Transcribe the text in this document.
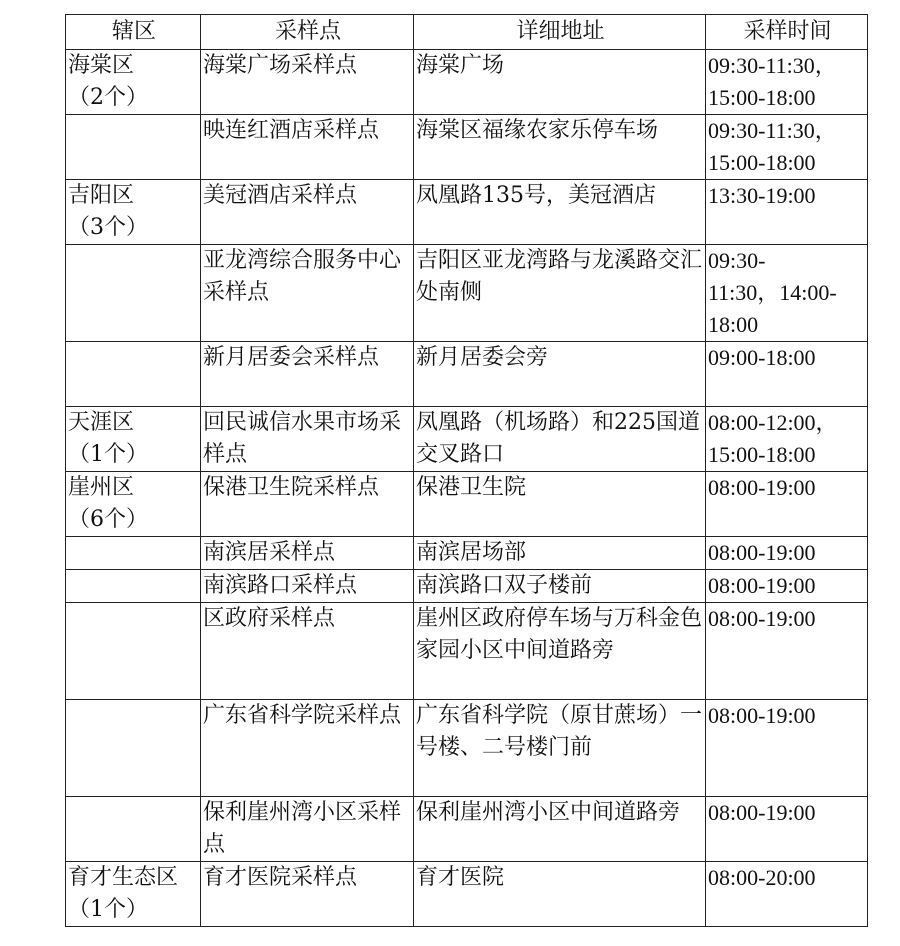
辖区	采样点	详细地址	采样时间
海棠区
（2个）	海棠广场采样点	海棠广场	09:30-11:30，
15:00-18:00
	映连红酒店采样点	海棠区福缘农家乐停车场	09:30-11:30，
15:00-18:00
吉阳区
（3个）	美冠酒店采样点	凤凰路135号，美冠酒店	13:30-19:00
	亚龙湾综合服务中心采样点	吉阳区亚龙湾路与龙溪路交汇处南侧	09:30-
11:30，14:00-
18:00
	新月居委会采样点	新月居委会旁	09:00-18:00
天涯区
（1个）	回民诚信水果市场采样点	凤凰路（机场路）和225国道交叉路口	08:00-12:00，
15:00-18:00
崖州区
（6个）	保港卫生院采样点	保港卫生院	08:00-19:00
	南滨居采样点	南滨居场部	08:00-19:00
	南滨路口采样点	南滨路口双子楼前	08:00-19:00
	区政府采样点	崖州区政府停车场与万科金色家园小区中间道路旁	08:00-19:00
	广东省科学院采样点	广东省科学院（原甘蔗场）一号楼、二号楼门前	08:00-19:00
	保利崖州湾小区采样点	保利崖州湾小区中间道路旁	08:00-19:00
育才生态区（1个）	育才医院采样点	育才医院	08:00-20:00
